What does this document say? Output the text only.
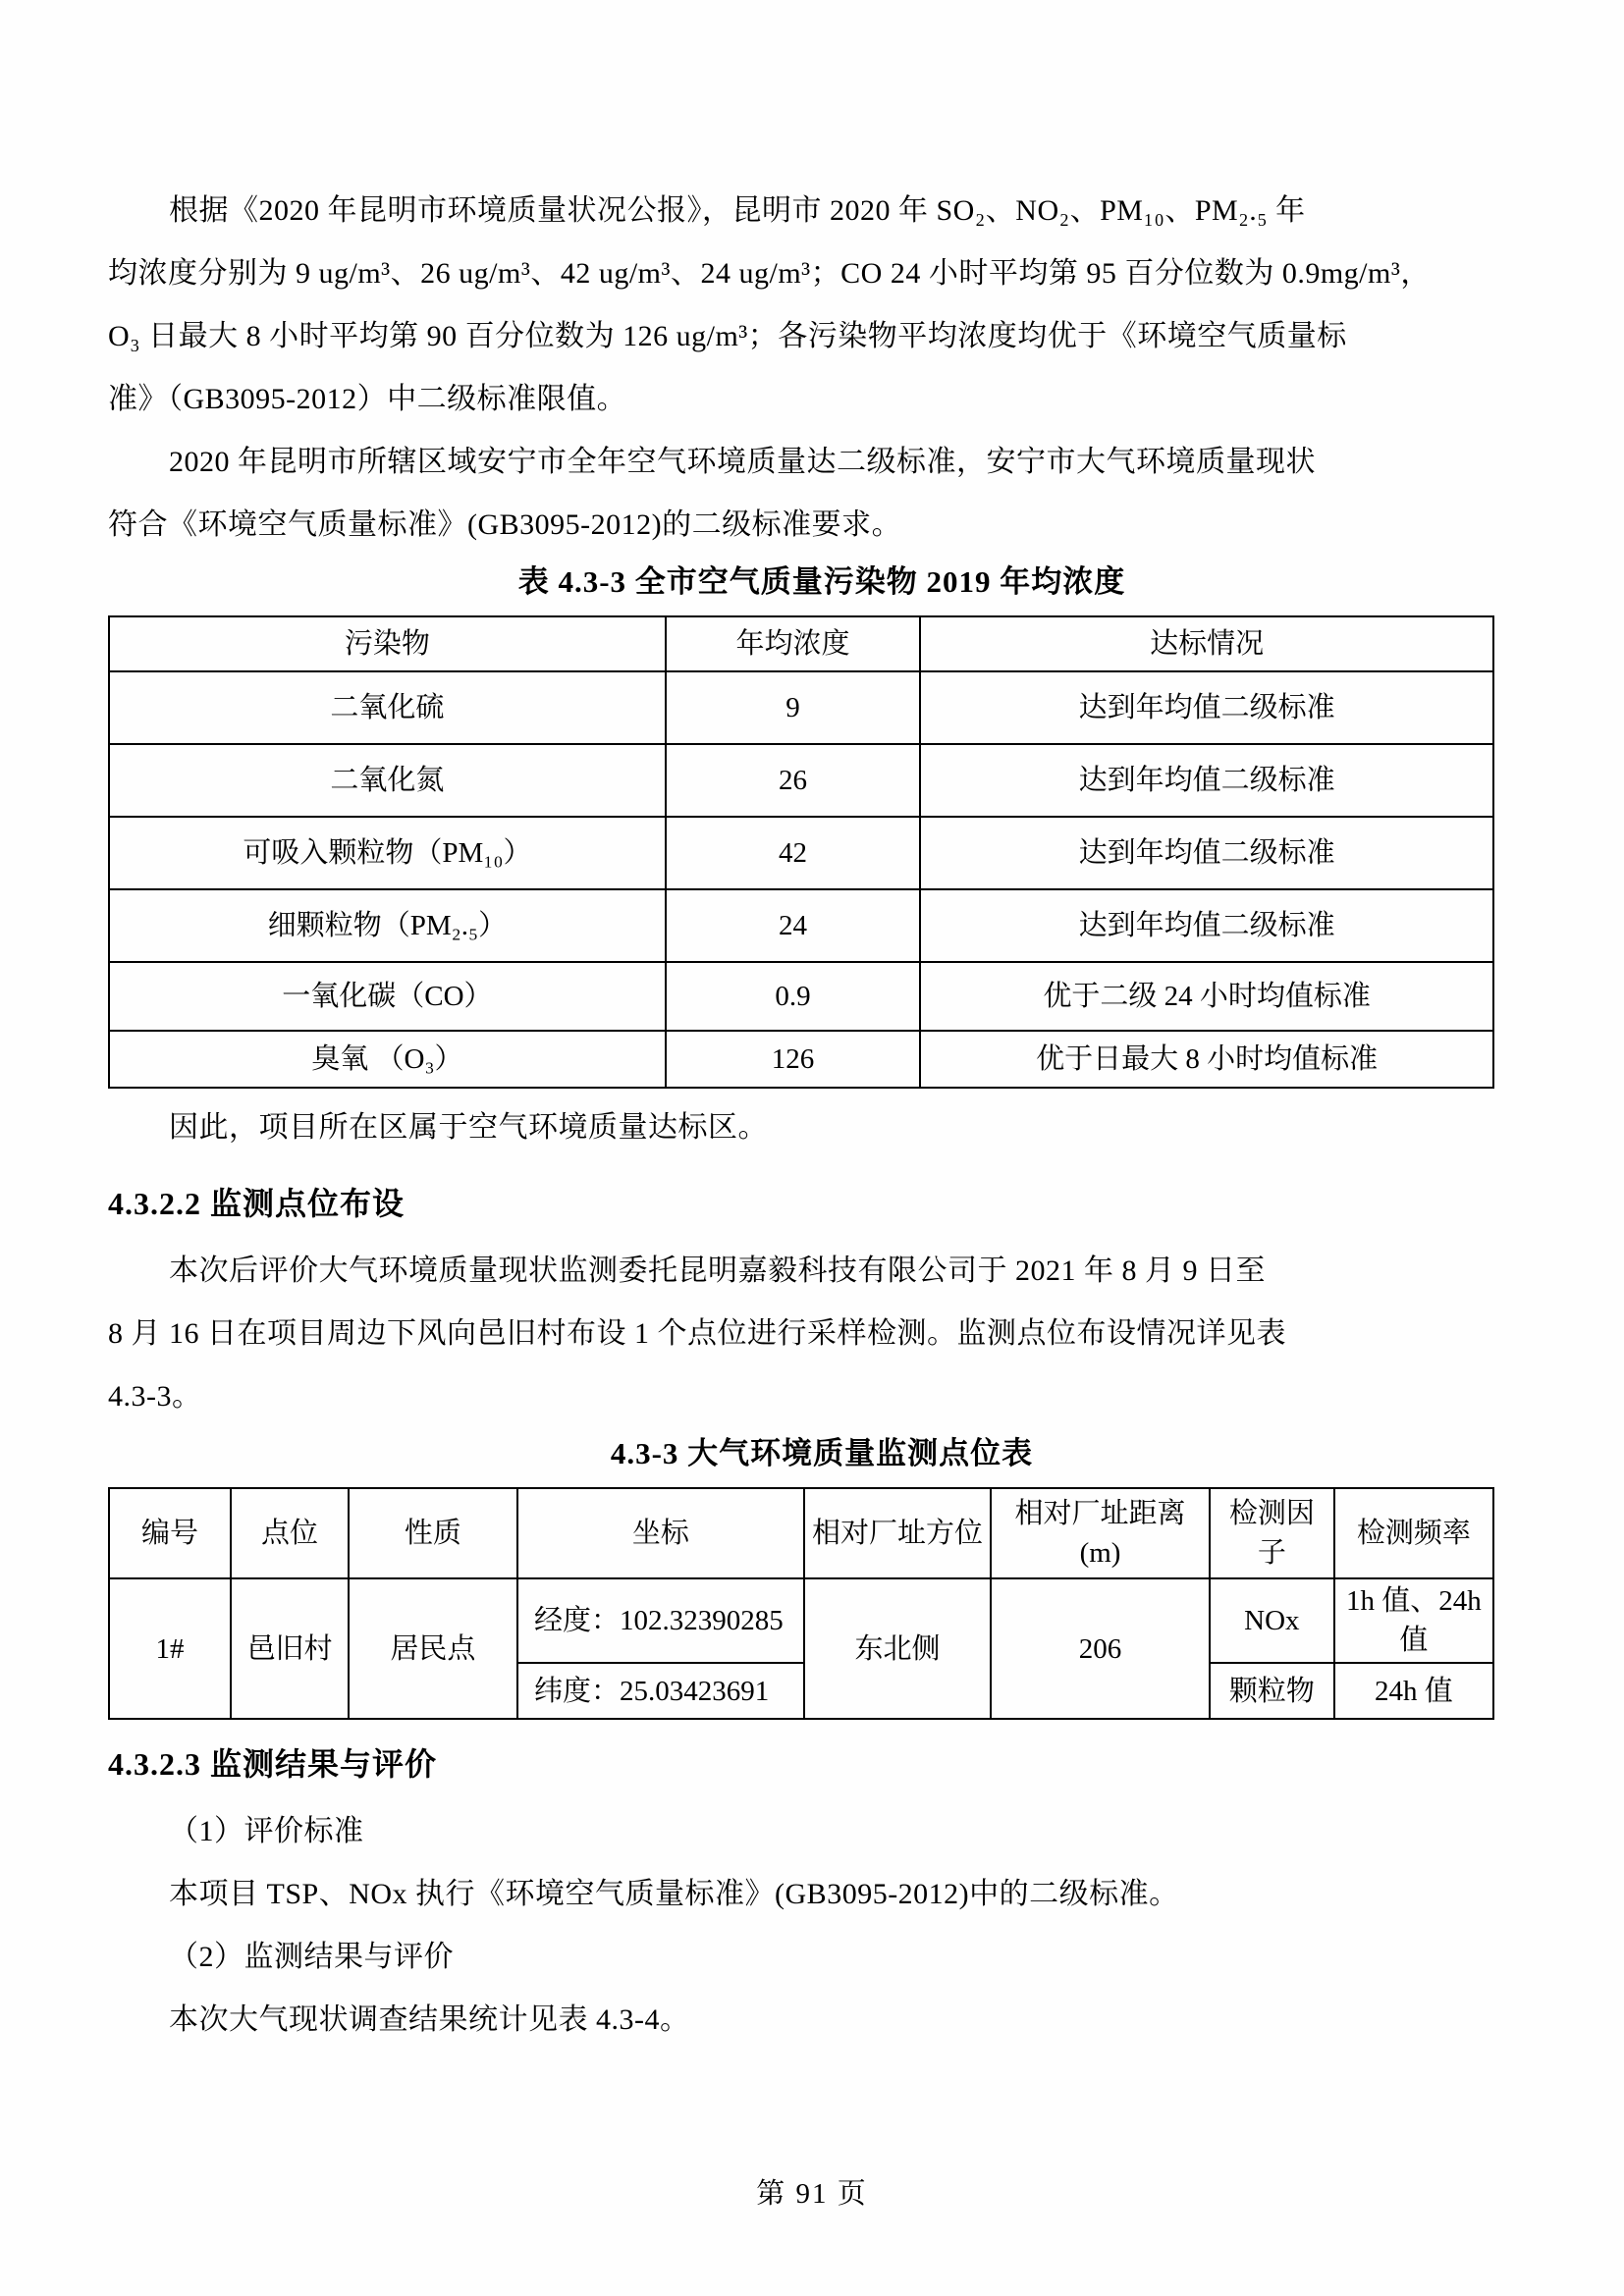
根据《2020 年昆明市环境质量状况公报》，昆明市 2020 年 SO₂、NO₂、PM₁₀、PM₂.₅ 年
均浓度分别为 9 ug/m³、26 ug/m³、42 ug/m³、24 ug/m³；CO 24 小时平均第 95 百分位数为 0.9mg/m³，
O₃ 日最大 8 小时平均第 90 百分位数为 126 ug/m³；各污染物平均浓度均优于《环境空气质量标
准》（GB3095-2012）中二级标准限值。
2020 年昆明市所辖区域安宁市全年空气环境质量达二级标准，安宁市大气环境质量现状
符合《环境空气质量标准》(GB3095-2012)的二级标准要求。
表 4.3-3 全市空气质量污染物 2019 年均浓度
污染物	年均浓度	达标情况
二氧化硫	9	达到年均值二级标准
二氧化氮	26	达到年均值二级标准
可吸入颗粒物（PM₁₀）	42	达到年均值二级标准
细颗粒物（PM₂.₅）	24	达到年均值二级标准
一氧化碳（CO）	0.9	优于二级 24 小时均值标准
臭氧 （O₃）	126	优于日最大 8 小时均值标准
因此，项目所在区属于空气环境质量达标区。
4.3.2.2 监测点位布设
本次后评价大气环境质量现状监测委托昆明嘉毅科技有限公司于 2021 年 8 月 9 日至
8 月 16 日在项目周边下风向邑旧村布设 1 个点位进行采样检测。监测点位布设情况详见表
4.3-3。
4.3-3 大气环境质量监测点位表
编号	点位	性质	坐标	相对厂址方位	相对厂址距离(m)	检测因子	检测频率
1#	邑旧村	居民点	经度：102.32390285	东北侧	206	NOx	1h 值、24h 值
			纬度：25.03423691			颗粒物	24h 值
4.3.2.3 监测结果与评价
（1）评价标准
本项目 TSP、NOx 执行《环境空气质量标准》(GB3095-2012)中的二级标准。
（2）监测结果与评价
本次大气现状调查结果统计见表 4.3-4。
第 91 页
